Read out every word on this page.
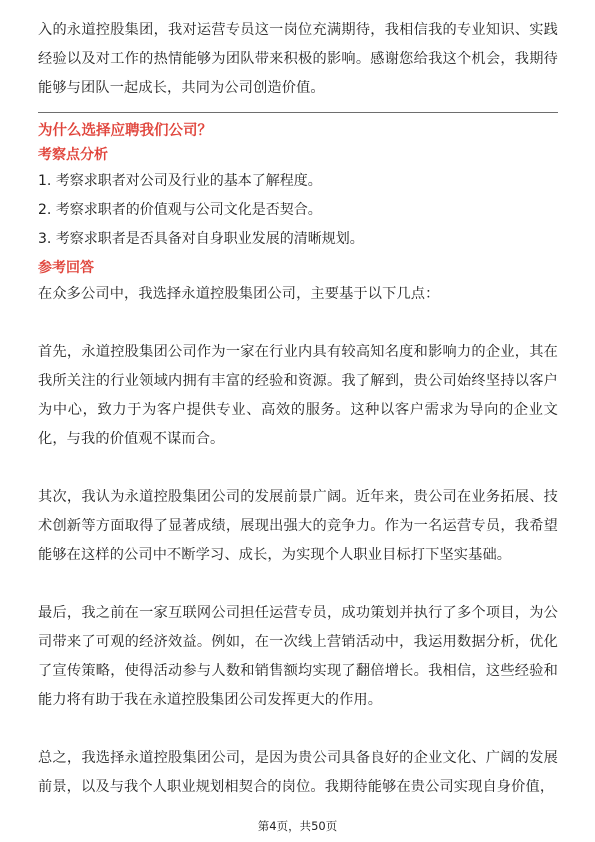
入的永道控股集团，我对运营专员这一岗位充满期待，我相信我的专业知识、实践经验以及对工作的热情能够为团队带来积极的影响。感谢您给我这个机会，我期待能够与团队一起成长，共同为公司创造价值。

为什么选择应聘我们公司？

考察点分析

1. 考察求职者对公司及行业的基本了解程度。

2. 考察求职者的价值观与公司文化是否契合。

3. 考察求职者是否具备对自身职业发展的清晰规划。

参考回答

在众多公司中，我选择永道控股集团公司，主要基于以下几点：

首先，永道控股集团公司作为一家在行业内具有较高知名度和影响力的企业，其在我所关注的行业领域内拥有丰富的经验和资源。我了解到，贵公司始终坚持以客户为中心，致力于为客户提供专业、高效的服务。这种以客户需求为导向的企业文化，与我的价值观不谋而合。

其次，我认为永道控股集团公司的发展前景广阔。近年来，贵公司在业务拓展、技术创新等方面取得了显著成绩，展现出强大的竞争力。作为一名运营专员，我希望能够在这样的公司中不断学习、成长，为实现个人职业目标打下坚实基础。

最后，我之前在一家互联网公司担任运营专员，成功策划并执行了多个项目，为公司带来了可观的经济效益。例如，在一次线上营销活动中，我运用数据分析，优化了宣传策略，使得活动参与人数和销售额均实现了翻倍增长。我相信，这些经验和能力将有助于我在永道控股集团公司发挥更大的作用。

总之，我选择永道控股集团公司，是因为贵公司具备良好的企业文化、广阔的发展前景，以及与我个人职业规划相契合的岗位。我期待能够在贵公司实现自身价值，

第4页，共50页
